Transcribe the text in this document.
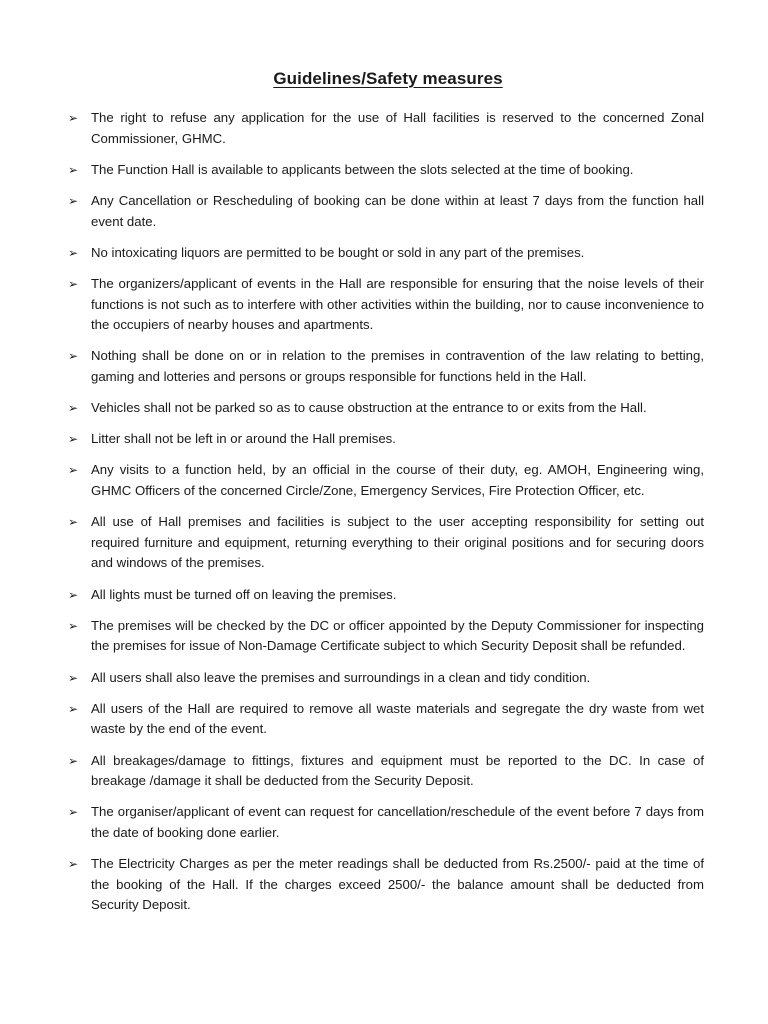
Guidelines/Safety measures
➢ The right to refuse any application for the use of Hall facilities is reserved to the concerned Zonal Commissioner, GHMC.
➢ The Function Hall is available to applicants between the slots selected at the time of booking.
➢ Any Cancellation or Rescheduling of booking can be done within at least 7 days from the function hall event date.
➢ No intoxicating liquors are permitted to be bought or sold in any part of the premises.
➢ The organizers/applicant of events in the Hall are responsible for ensuring that the noise levels of their functions is not such as to interfere with other activities within the building, nor to cause inconvenience to the occupiers of nearby houses and apartments.
➢ Nothing shall be done on or in relation to the premises in contravention of the law relating to betting, gaming and lotteries and persons or groups responsible for functions held in the Hall.
➢ Vehicles shall not be parked so as to cause obstruction at the entrance to or exits from the Hall.
➢ Litter shall not be left in or around the Hall premises.
➢ Any visits to a function held, by an official in the course of their duty, eg. AMOH, Engineering wing, GHMC Officers of the concerned Circle/Zone, Emergency Services, Fire Protection Officer, etc.
➢ All use of Hall premises and facilities is subject to the user accepting responsibility for setting out required furniture and equipment, returning everything to their original positions and for securing doors and windows of the premises.
➢ All lights must be turned off on leaving the premises.
➢ The premises will be checked by the DC or officer appointed by the Deputy Commissioner for inspecting the premises for issue of Non-Damage Certificate subject to which Security Deposit shall be refunded.
➢ All users shall also leave the premises and surroundings in a clean and tidy condition.
➢ All users of the Hall are required to remove all waste materials and segregate the dry waste from wet waste by the end of the event.
➢ All breakages/damage to fittings, fixtures and equipment must be reported to the DC. In case of breakage /damage it shall be deducted from the Security Deposit.
➢ The organiser/applicant of event can request for cancellation/reschedule of the event before 7 days from the date of booking done earlier.
➢ The Electricity Charges as per the meter readings shall be deducted from Rs.2500/- paid at the time of the booking of the Hall. If the charges exceed 2500/- the balance amount shall be deducted from Security Deposit.
